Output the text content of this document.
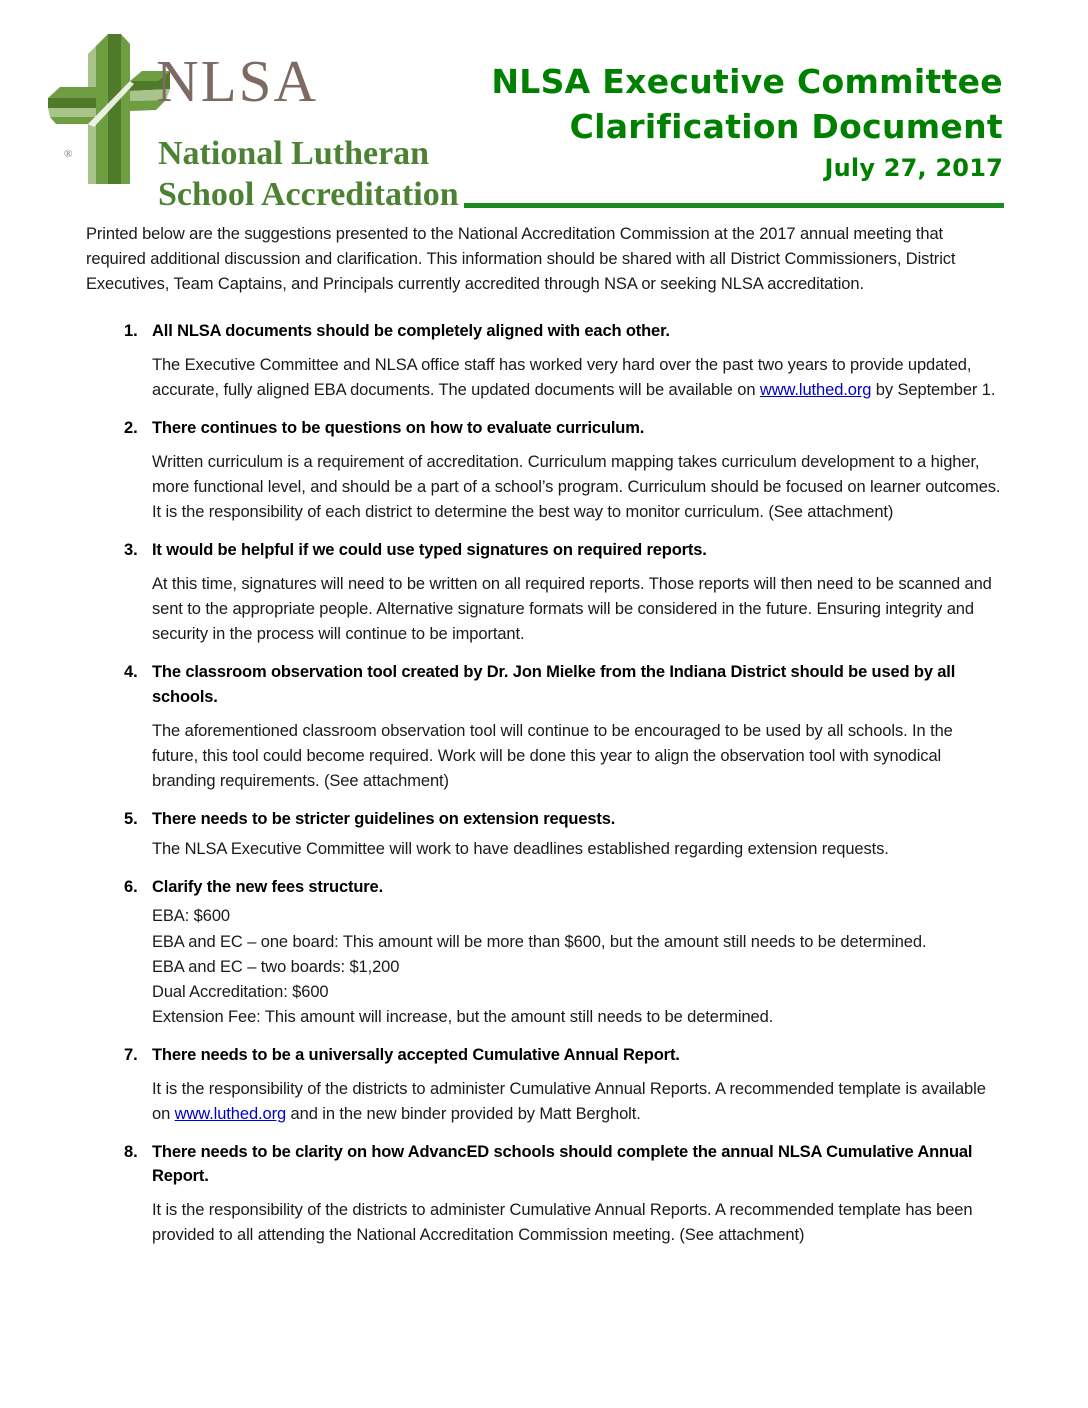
®
NLSA
National Lutheran
School Accreditation
NLSA Executive Committee
Clarification Document
July 27, 2017

Printed below are the suggestions presented to the National Accreditation Commission at the 2017 annual meeting that required additional discussion and clarification. This information should be shared with all District Commissioners, District Executives, Team Captains, and Principals currently accredited through NSA or seeking NLSA accreditation.

1. All NLSA documents should be completely aligned with each other.
The Executive Committee and NLSA office staff has worked very hard over the past two years to provide updated, accurate, fully aligned EBA documents. The updated documents will be available on www.luthed.org by September 1.
2. There continues to be questions on how to evaluate curriculum.
Written curriculum is a requirement of accreditation. Curriculum mapping takes curriculum development to a higher, more functional level, and should be a part of a school’s program. Curriculum should be focused on learner outcomes. It is the responsibility of each district to determine the best way to monitor curriculum. (See attachment)
3. It would be helpful if we could use typed signatures on required reports.
At this time, signatures will need to be written on all required reports. Those reports will then need to be scanned and sent to the appropriate people. Alternative signature formats will be considered in the future. Ensuring integrity and security in the process will continue to be important.
4. The classroom observation tool created by Dr. Jon Mielke from the Indiana District should be used by all schools.
The aforementioned classroom observation tool will continue to be encouraged to be used by all schools. In the future, this tool could become required. Work will be done this year to align the observation tool with synodical branding requirements. (See attachment)
5. There needs to be stricter guidelines on extension requests.
The NLSA Executive Committee will work to have deadlines established regarding extension requests.
6. Clarify the new fees structure.
EBA: $600
EBA and EC – one board: This amount will be more than $600, but the amount still needs to be determined.
EBA and EC – two boards: $1,200
Dual Accreditation: $600
Extension Fee: This amount will increase, but the amount still needs to be determined.
7. There needs to be a universally accepted Cumulative Annual Report.
It is the responsibility of the districts to administer Cumulative Annual Reports. A recommended template is available on www.luthed.org and in the new binder provided by Matt Bergholt.
8. There needs to be clarity on how AdvancED schools should complete the annual NLSA Cumulative Annual Report.
It is the responsibility of the districts to administer Cumulative Annual Reports. A recommended template has been provided to all attending the National Accreditation Commission meeting. (See attachment)
